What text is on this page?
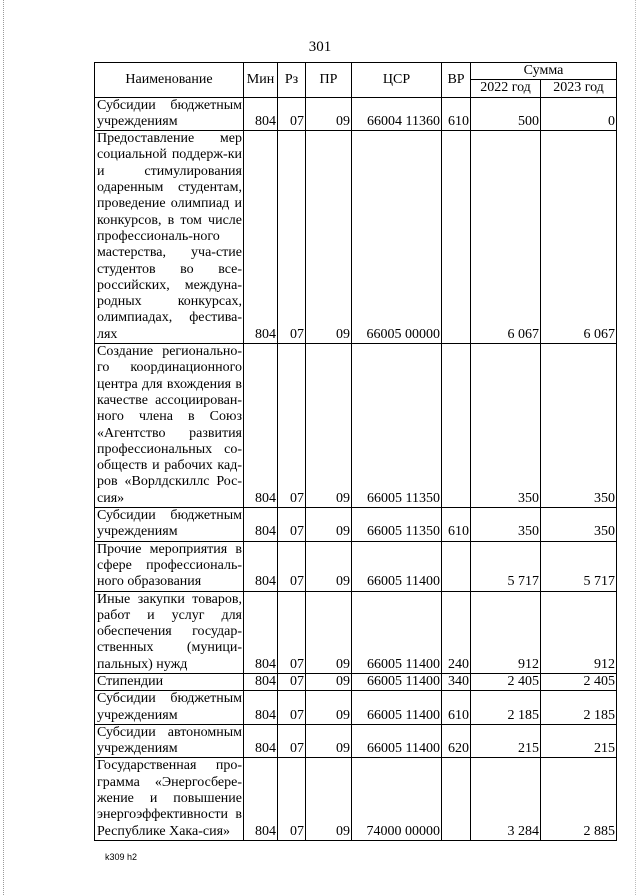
301
Наименование	Мин	Рз	ПР	ЦСР	ВР	Сумма	
						2022 год	2023 год
Субсидии бюджетным учреждениям	804	07	09	66004 11360	610	500	0
Предоставление мер социальной поддерж-ки и стимулирования одаренным студентам, проведение олимпиад и конкурсов, в том числе профессиональ-ного мастерства, уча-стие студентов во все-российских, междуна-родных конкурсах, олимпиадах, фестива-лях	804	07	09	66005 00000		6 067	6 067
Создание регионально-го координационного центра для вхождения в качестве ассоциирован-ного члена в Союз «Агентство развития профессиональных со-обществ и рабочих кад-ров «Ворлдскиллс Рос-сия»	804	07	09	66005 11350		350	350
Субсидии бюджетным учреждениям	804	07	09	66005 11350	610	350	350
Прочие мероприятия в сфере профессиональ-ного образования	804	07	09	66005 11400		5 717	5 717
Иные закупки товаров, работ и услуг для обеспечения государ-ственных (муници-пальных) нужд	804	07	09	66005 11400	240	912	912
Стипендии	804	07	09	66005 11400	340	2 405	2 405
Субсидии бюджетным учреждениям	804	07	09	66005 11400	610	2 185	2 185
Субсидии автономным учреждениям	804	07	09	66005 11400	620	215	215
Государственная про-грамма «Энергосбере-жение и повышение энергоэффективности в Республике Хака-сия»	804	07	09	74000 00000		3 284	2 885
k309 h2
